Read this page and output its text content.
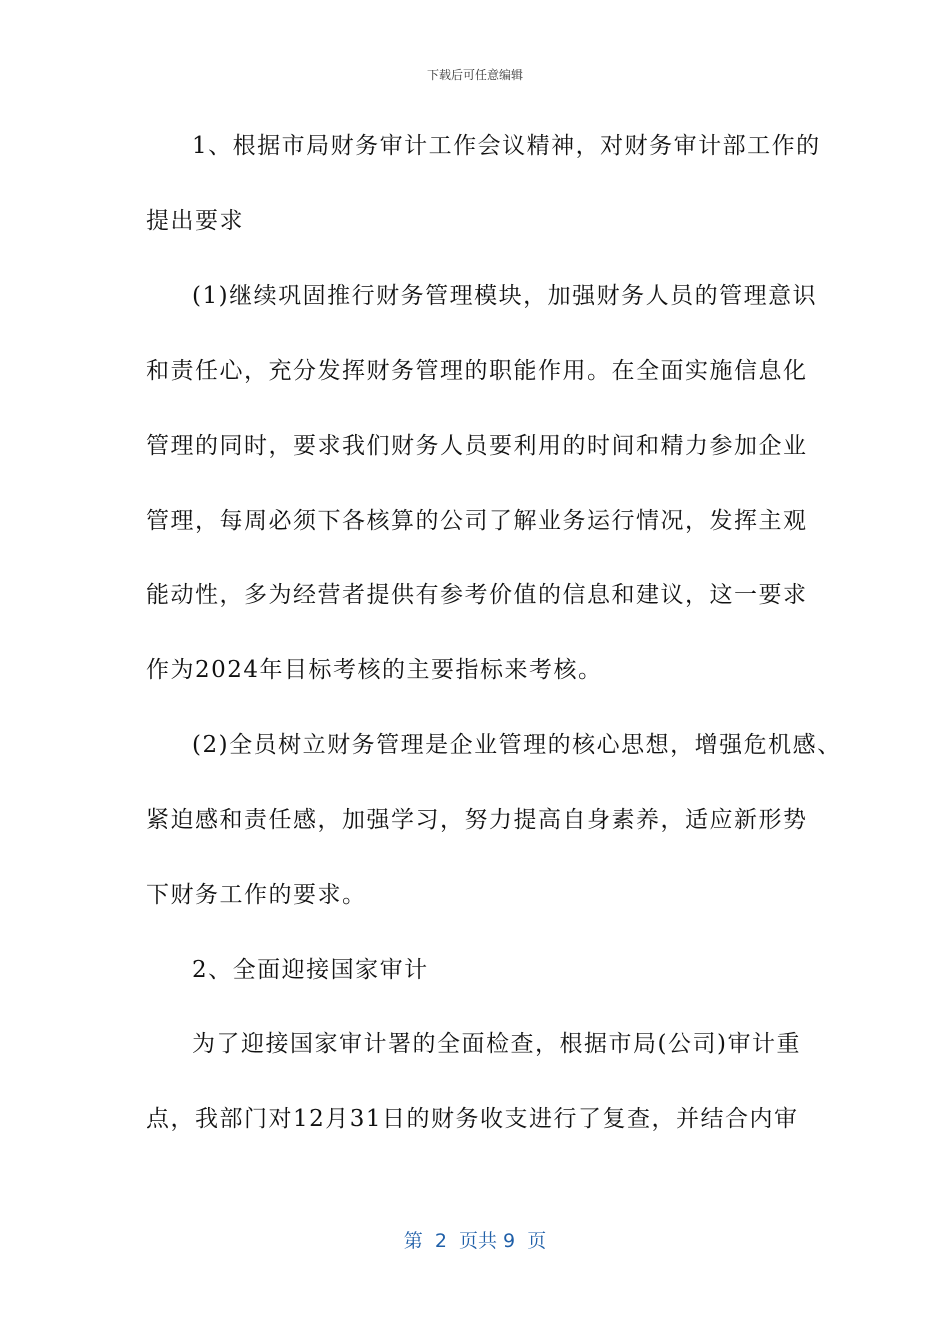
下载后可任意编辑
1、根据市局财务审计工作会议精神，对财务审计部工作的
提出要求
(1)继续巩固推行财务管理模块，加强财务人员的管理意识
和责任心，充分发挥财务管理的职能作用。在全面实施信息化
管理的同时，要求我们财务人员要利用的时间和精力参加企业
管理，每周必须下各核算的公司了解业务运行情况，发挥主观
能动性，多为经营者提供有参考价值的信息和建议，这一要求
作为2024年目标考核的主要指标来考核。
(2)全员树立财务管理是企业管理的核心思想，增强危机感、
紧迫感和责任感，加强学习，努力提高自身素养，适应新形势
下财务工作的要求。
2、全面迎接国家审计
为了迎接国家审计署的全面检查，根据市局(公司)审计重
点，我部门对12月31日的财务收支进行了复查，并结合内审
第  2  页共 9  页
